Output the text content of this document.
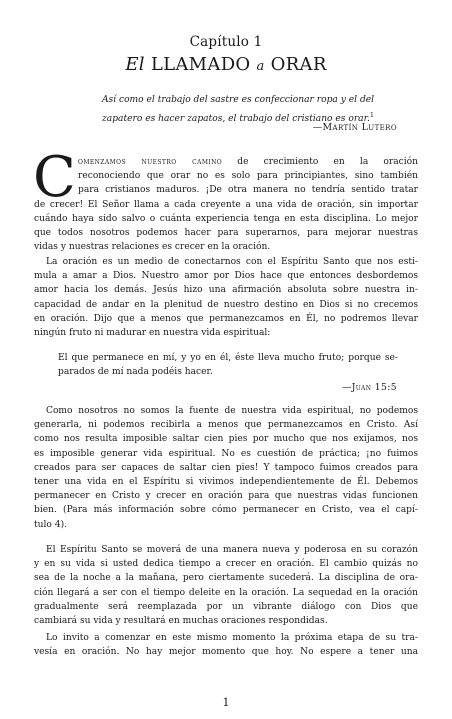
Capítulo 1
El LLAMADO a ORAR
Así como el trabajo del sastre es confeccionar ropa y el del
zapatero es hacer zapatos, el trabajo del cristiano es orar.$^1$
—Martín Lutero
C omenzamos nuestro camino de crecimiento en la oración
reconociendo que orar no es solo para principiantes, sino también
para cristianos maduros. ¡De otra manera no tendría sentido tratar
de crecer! El Señor llama a cada creyente a una vida de oración, sin importar
cuándo haya sido salvo o cuánta experiencia tenga en esta disciplina. Lo mejor
que todos nosotros podemos hacer para superarnos, para mejorar nuestras
vidas y nuestras relaciones es crecer en la oración.
La oración es un medio de conectarnos con el Espíritu Santo que nos esti-
mula a amar a Dios. Nuestro amor por Dios hace que entonces desbordemos
amor hacia los demás. Jesús hizo una afirmación absoluta sobre nuestra in-
capacidad de andar en la plenitud de nuestro destino en Dios si no crecemos
en oración. Dijo que a menos que permanezcamos en Él, no podremos llevar
ningún fruto ni madurar en nuestra vida espiritual:
El que permanece en mí, y yo en él, éste lleva mucho fruto; porque se-
parados de mí nada podéis hacer.
—Juan 15:5
Como nosotros no somos la fuente de nuestra vida espiritual, no podemos
generarla, ni podemos recibirla a menos que permanezcamos en Cristo. Así
como nos resulta imposible saltar cien pies por mucho que nos exijamos, nos
es imposible generar vida espiritual. No es cuestión de práctica; ¡no fuimos
creados para ser capaces de saltar cien pies! Y tampoco fuimos creados para
tener una vida en el Espíritu si vivimos independientemente de Él. Debemos
permanecer en Cristo y crecer en oración para que nuestras vidas funcionen
bien. (Para más información sobre cómo permanecer en Cristo, vea el capí-
tulo 4).
El Espíritu Santo se moverá de una manera nueva y poderosa en su corazón
y en su vida si usted dedica tiempo a crecer en oración. El cambio quizás no
sea de la noche a la mañana, pero ciertamente sucederá. La disciplina de ora-
ción llegará a ser con el tiempo deleite en la oración. La sequedad en la oración
gradualmente será reemplazada por un vibrante diálogo con Dios que
cambiará su vida y resultará en muchas oraciones respondidas.
Lo invito a comenzar en este mismo momento la próxima etapa de su tra-
vesía en oración. No hay mejor momento que hoy. No espere a tener una
1
